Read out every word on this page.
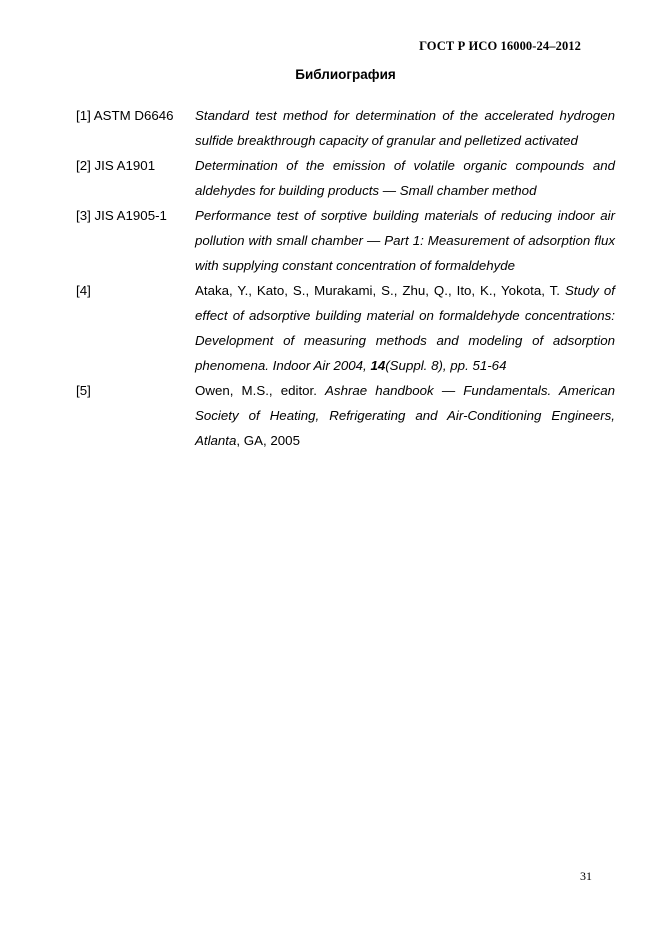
ГОСТ Р ИСО 16000-24–2012
Библиография
[1] ASTM D6646	Standard test method for determination of the accelerated hydrogen sulfide breakthrough capacity of granular and pelletized activated
[2] JIS A1901	Determination of the emission of volatile organic compounds and aldehydes for building products — Small chamber method
[3] JIS A1905-1	Performance test of sorptive building materials of reducing indoor air pollution with small chamber — Part 1: Measurement of adsorption flux with supplying constant concentration of formaldehyde
[4]	Ataka, Y., Kato, S., Murakami, S., Zhu, Q., Ito, K., Yokota, T. Study of effect of adsorptive building material on formaldehyde concentrations: Development of measuring methods and modeling of adsorption phenomena. Indoor Air 2004, 14(Suppl. 8), pp. 51-64
[5]	Owen, M.S., editor. Ashrae handbook — Fundamentals. American Society of Heating, Refrigerating and Air-Conditioning Engineers, Atlanta, GA, 2005
31
